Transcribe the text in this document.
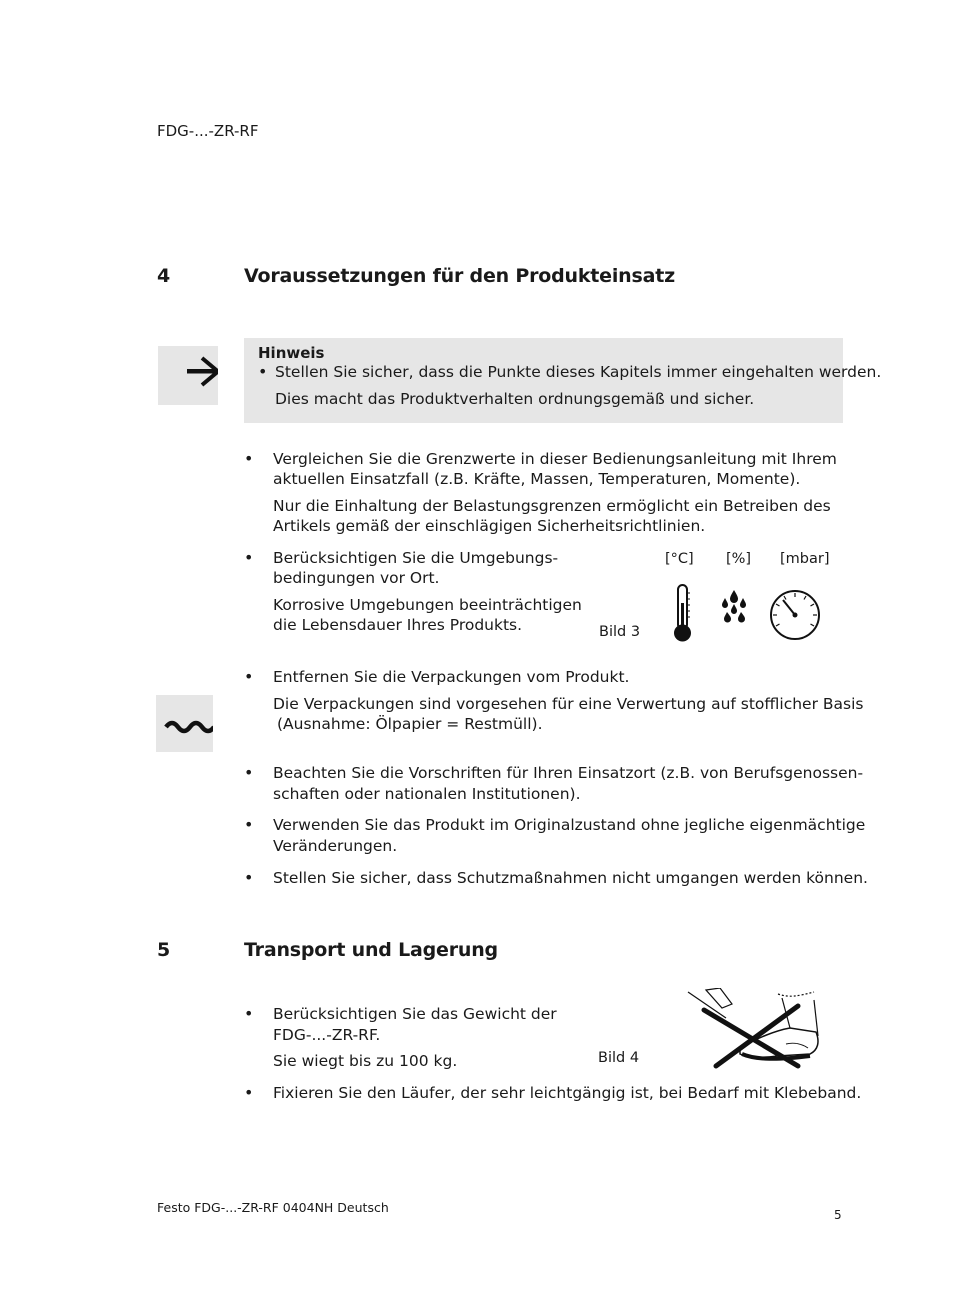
FDG-...-ZR-RF
4	Voraussetzungen für den Produkteinsatz
Hinweis
• Stellen Sie sicher, dass die Punkte dieses Kapitels immer eingehalten werden.
Dies macht das Produktverhalten ordnungsgemäß und sicher.
• Vergleichen Sie die Grenzwerte in dieser Bedienungsanleitung mit Ihrem
aktuellen Einsatzfall (z.B. Kräfte, Massen, Temperaturen, Momente).
Nur die Einhaltung der Belastungsgrenzen ermöglicht ein Betreiben des
Artikels gemäß der einschlägigen Sicherheitsrichtlinien.
• Berücksichtigen Sie die Umgebungs-
bedingungen vor Ort.
Korrosive Umgebungen beeinträchtigen
die Lebensdauer Ihres Produkts.
[°C] [%] [mbar]
Bild 3
• Entfernen Sie die Verpackungen vom Produkt.
Die Verpackungen sind vorgesehen für eine Verwertung auf stofflicher Basis
(Ausnahme: Ölpapier = Restmüll).
• Beachten Sie die Vorschriften für Ihren Einsatzort (z.B. von Berufsgenossen-
schaften oder nationalen Institutionen).
• Verwenden Sie das Produkt im Originalzustand ohne jegliche eigenmächtige
Veränderungen.
• Stellen Sie sicher, dass Schutzmaßnahmen nicht umgangen werden können.
5	Transport und Lagerung
• Berücksichtigen Sie das Gewicht der
FDG-...-ZR-RF.
Sie wiegt bis zu 100 kg.	Bild 4
• Fixieren Sie den Läufer, der sehr leichtgängig ist, bei Bedarf mit Klebeband.
Festo FDG-...-ZR-RF 0404NH Deutsch	5
